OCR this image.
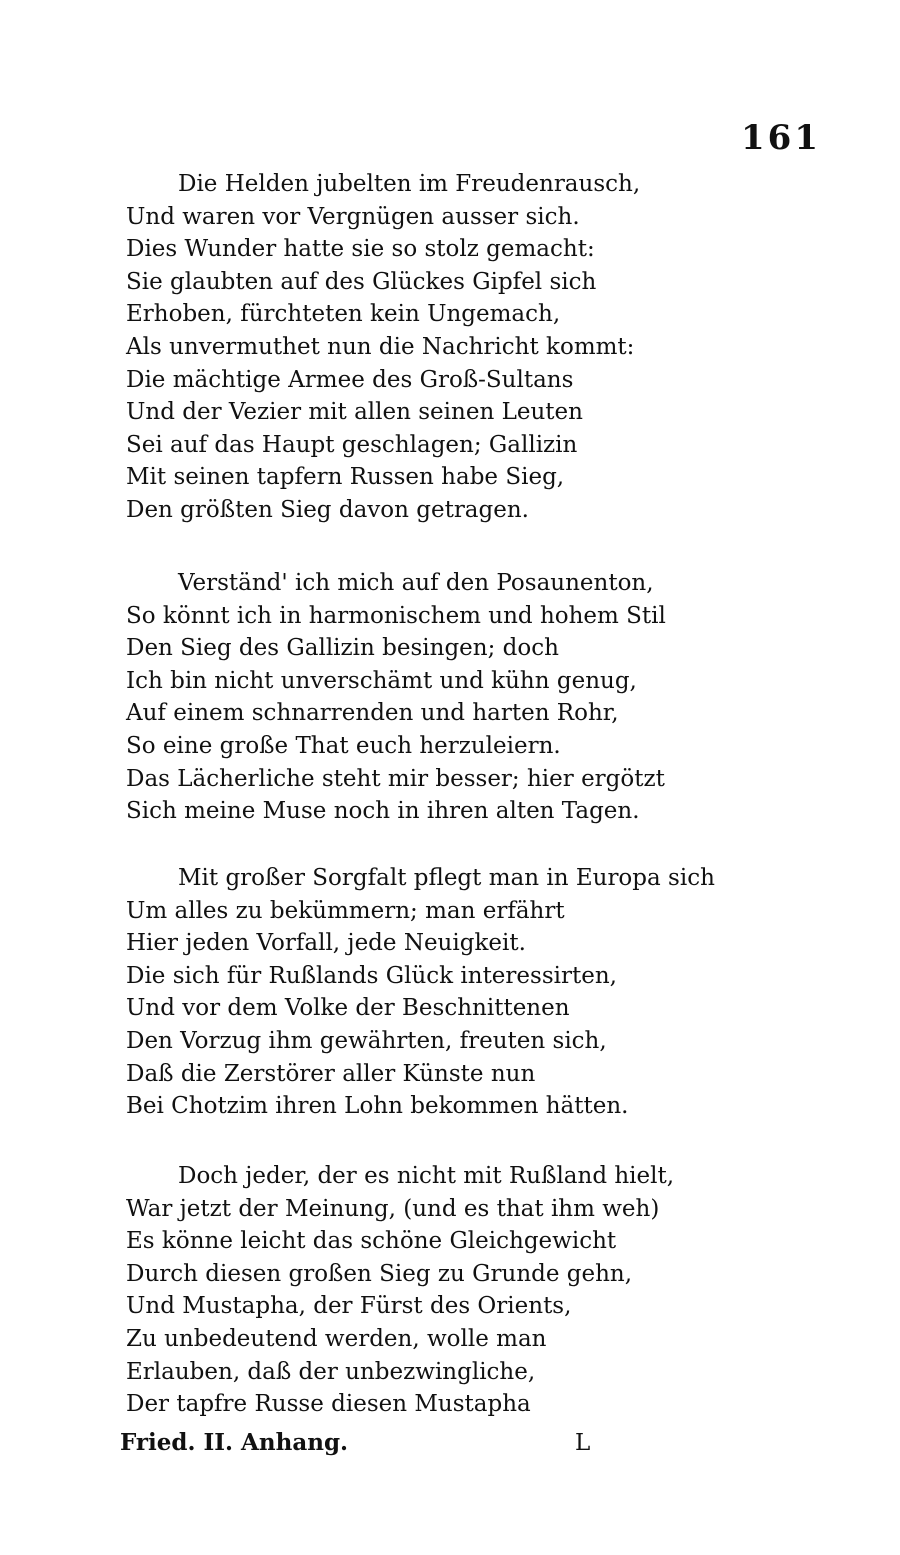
161
Die Helden jubelten im Freudenrausch,
Und waren vor Vergnügen ausser sich.
Dies Wunder hatte sie so stolz gemacht:
Sie glaubten auf des Glückes Gipfel sich
Erhoben, fürchteten kein Ungemach,
Als unvermuthet nun die Nachricht kommt:
Die mächtige Armee des Groß-Sultans
Und der Vezier mit allen seinen Leuten
Sei auf das Haupt geschlagen; Gallizin
Mit seinen tapfern Russen habe Sieg,
Den größten Sieg davon getragen.
Verständ' ich mich auf den Posaunenton,
So könnt ich in harmonischem und hohem Stil
Den Sieg des Gallizin besingen; doch
Ich bin nicht unverschämt und kühn genug,
Auf einem schnarrenden und harten Rohr,
So eine große That euch herzuleiern.
Das Lächerliche steht mir besser; hier ergötzt
Sich meine Muse noch in ihren alten Tagen.
Mit großer Sorgfalt pflegt man in Europa sich
Um alles zu bekümmern; man erfährt
Hier jeden Vorfall, jede Neuigkeit.
Die sich für Rußlands Glück interessirten,
Und vor dem Volke der Beschnittenen
Den Vorzug ihm gewährten, freuten sich,
Daß die Zerstörer aller Künste nun
Bei Chotzim ihren Lohn bekommen hätten.
Doch jeder, der es nicht mit Rußland hielt,
War jetzt der Meinung, (und es that ihm weh)
Es könne leicht das schöne Gleichgewicht
Durch diesen großen Sieg zu Grunde gehn,
Und Mustapha, der Fürst des Orients,
Zu unbedeutend werden, wolle man
Erlauben, daß der unbezwingliche,
Der tapfre Russe diesen Mustapha
Fried. II. Anhang.	L
